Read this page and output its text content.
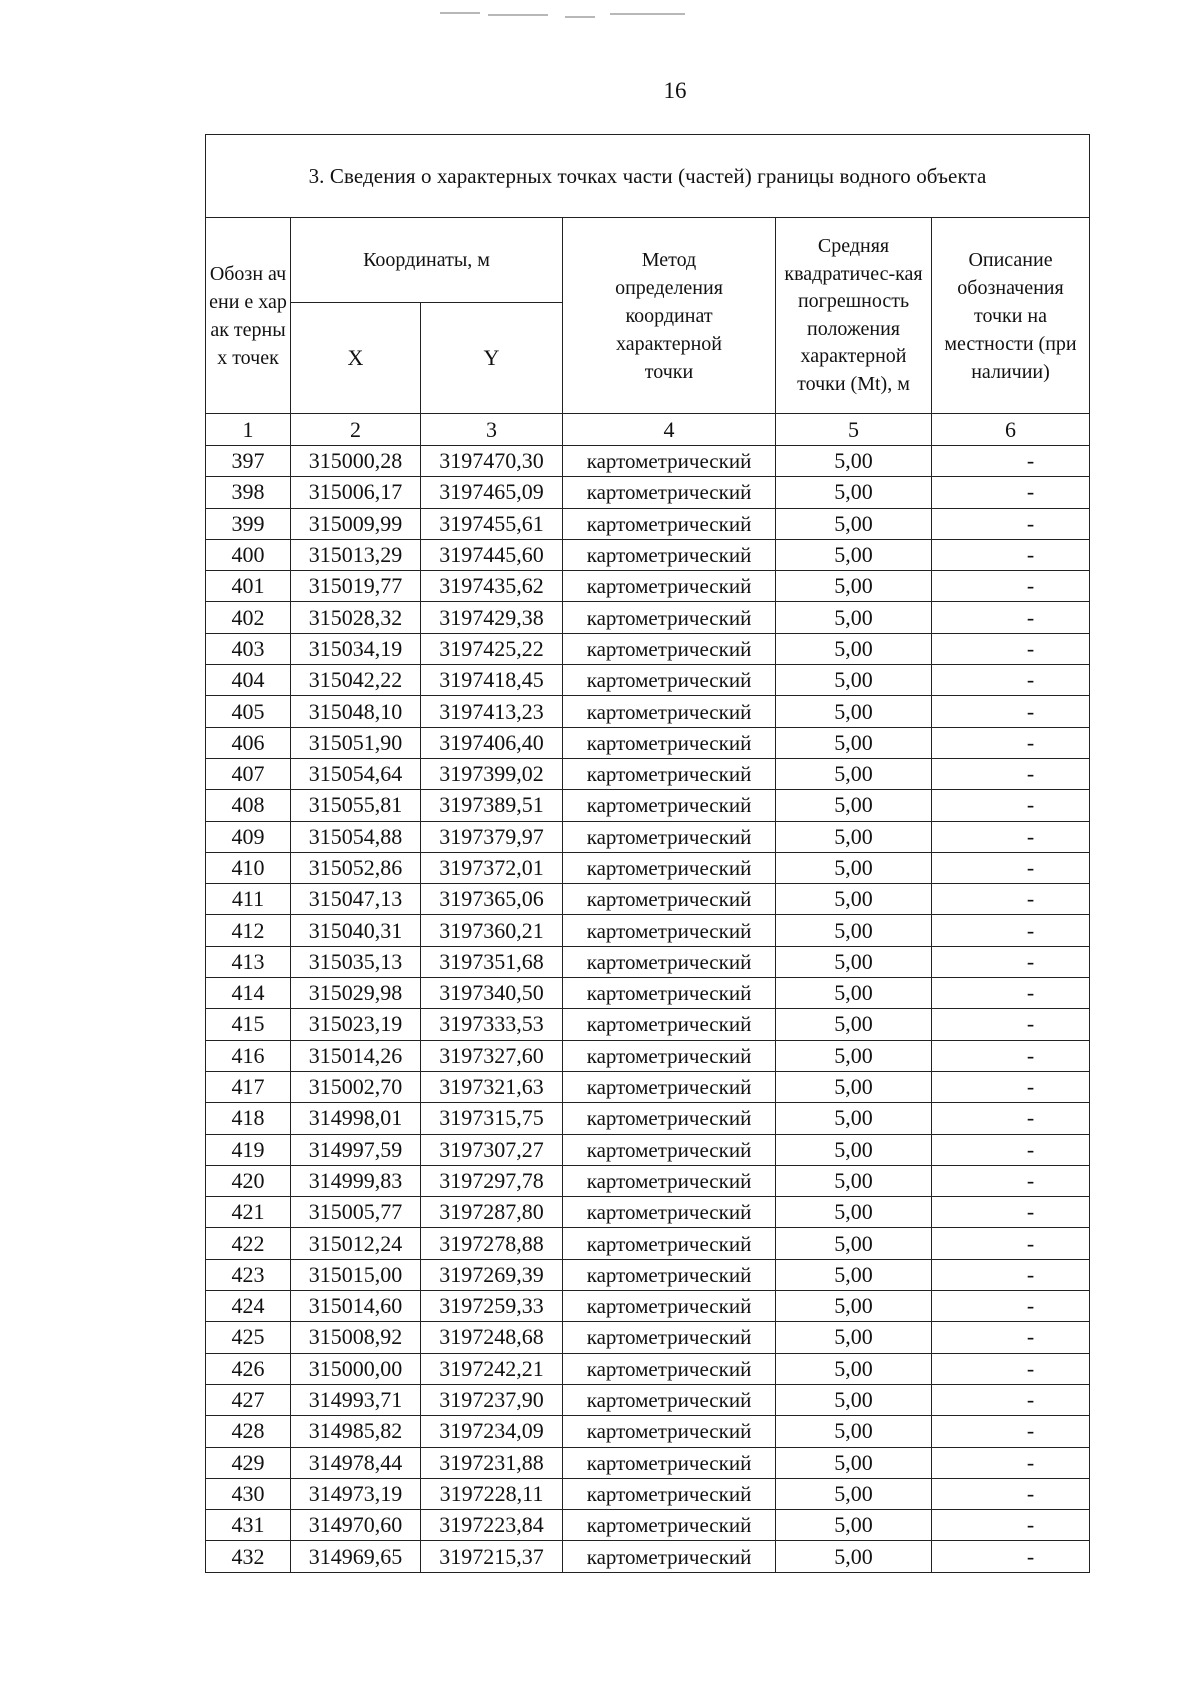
16
3. Сведения о характерных точках части (частей) границы водного объекта					
Обозн ачени е харак терны х точек	Координаты, м		Метод определения координат характерной точки	Средняя квадратичес-кая погрешность положения характерной точки (Mt), м	Описание обозначения точки на местности (при наличии)
	X	Y			
1	2	3	4	5	6
397	315000,28	3197470,30	картометрический	5,00	-
398	315006,17	3197465,09	картометрический	5,00	-
399	315009,99	3197455,61	картометрический	5,00	-
400	315013,29	3197445,60	картометрический	5,00	-
401	315019,77	3197435,62	картометрический	5,00	-
402	315028,32	3197429,38	картометрический	5,00	-
403	315034,19	3197425,22	картометрический	5,00	-
404	315042,22	3197418,45	картометрический	5,00	-
405	315048,10	3197413,23	картометрический	5,00	-
406	315051,90	3197406,40	картометрический	5,00	-
407	315054,64	3197399,02	картометрический	5,00	-
408	315055,81	3197389,51	картометрический	5,00	-
409	315054,88	3197379,97	картометрический	5,00	-
410	315052,86	3197372,01	картометрический	5,00	-
411	315047,13	3197365,06	картометрический	5,00	-
412	315040,31	3197360,21	картометрический	5,00	-
413	315035,13	3197351,68	картометрический	5,00	-
414	315029,98	3197340,50	картометрический	5,00	-
415	315023,19	3197333,53	картометрический	5,00	-
416	315014,26	3197327,60	картометрический	5,00	-
417	315002,70	3197321,63	картометрический	5,00	-
418	314998,01	3197315,75	картометрический	5,00	-
419	314997,59	3197307,27	картометрический	5,00	-
420	314999,83	3197297,78	картометрический	5,00	-
421	315005,77	3197287,80	картометрический	5,00	-
422	315012,24	3197278,88	картометрический	5,00	-
423	315015,00	3197269,39	картометрический	5,00	-
424	315014,60	3197259,33	картометрический	5,00	-
425	315008,92	3197248,68	картометрический	5,00	-
426	315000,00	3197242,21	картометрический	5,00	-
427	314993,71	3197237,90	картометрический	5,00	-
428	314985,82	3197234,09	картометрический	5,00	-
429	314978,44	3197231,88	картометрический	5,00	-
430	314973,19	3197228,11	картометрический	5,00	-
431	314970,60	3197223,84	картометрический	5,00	-
432	314969,65	3197215,37	картометрический	5,00	-
